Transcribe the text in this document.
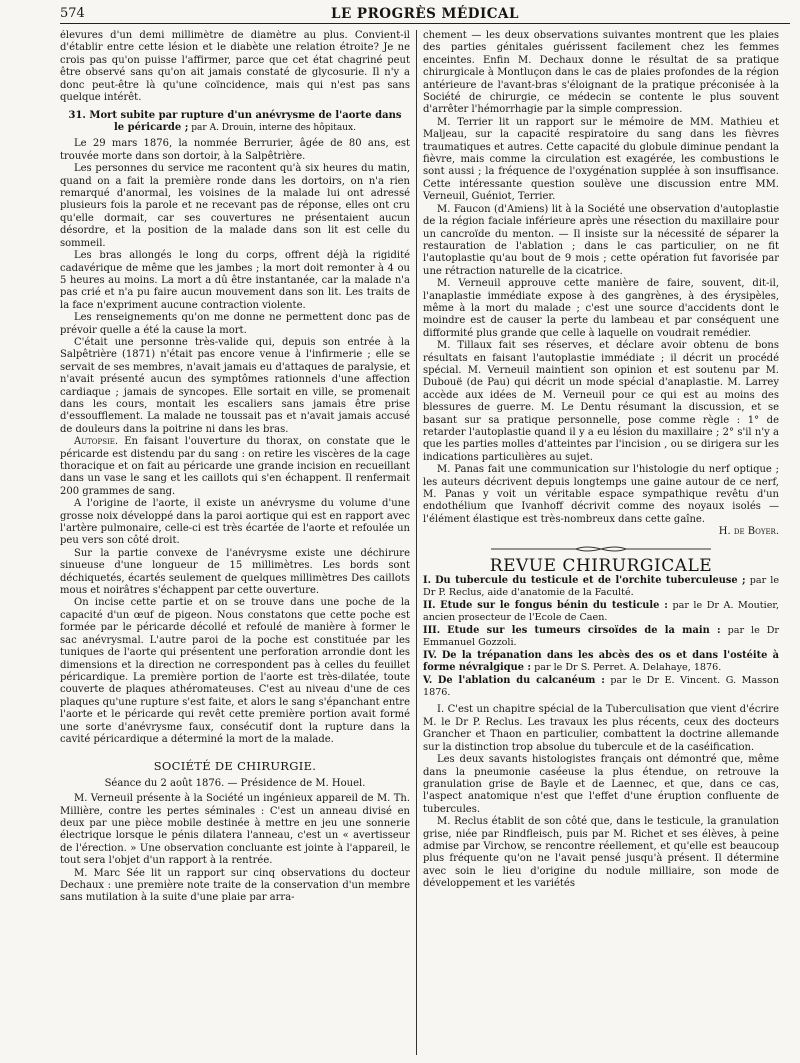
574	LE PROGRÈS MÉDICAL

élevures d'un demi millimètre de diamètre au plus. Convient-il d'établir entre cette lésion et le diabète une relation étroite? Je ne crois pas qu'on puisse l'affirmer, parce que cet état chagriné peut être observé sans qu'on ait jamais constaté de glycosurie. Il n'y a donc peut-être là qu'une coïncidence, mais qui n'est pas sans quelque intérêt.

31. Mort subite par rupture d'un anévrysme de l'aorte dans le péricarde ; par A. Drouin, interne des hôpitaux.

Le 29 mars 1876, la nommée Berrurier, âgée de 80 ans, est trouvée morte dans son dortoir, à la Salpêtrière.

Les personnes du service me racontent qu'à six heures du matin, quand on a fait la première ronde dans les dortoirs, on n'a rien remarqué d'anormal, les voisines de la malade lui ont adressé plusieurs fois la parole et ne recevant pas de réponse, elles ont cru qu'elle dormait, car ses couvertures ne présentaient aucun désordre, et la position de la malade dans son lit est celle du sommeil.

Les bras allongés le long du corps, offrent déjà la rigidité cadavérique de même que les jambes ; la mort doit remonter à 4 ou 5 heures au moins. La mort a dû être instantanée, car la malade n'a pas crié et n'a pu faire aucun mouvement dans son lit. Les traits de la face n'expriment aucune contraction violente.

Les renseignements qu'on me donne ne permettent donc pas de prévoir quelle a été la cause la mort.

C'était une personne très-valide qui, depuis son entrée à la Salpêtrière (1871) n'était pas encore venue à l'infirmerie ; elle se servait de ses membres, n'avait jamais eu d'attaques de paralysie, et n'avait présenté aucun des symptômes rationnels d'une affection cardiaque ; jamais de syncopes. Elle sortait en ville, se promenait dans les cours, montait les escaliers sans jamais être prise d'essoufflement. La malade ne toussait pas et n'avait jamais accusé de douleurs dans la poitrine ni dans les bras.

Autopsie. En faisant l'ouverture du thorax, on constate que le péricarde est distendu par du sang : on retire les viscères de la cage thoracique et on fait au péricarde une grande incision en recueillant dans un vase le sang et les caillots qui s'en échappent. Il renfermait 200 grammes de sang.

A l'origine de l'aorte, il existe un anévrysme du volume d'une grosse noix développé dans la paroi aortique qui est en rapport avec l'artère pulmonaire, celle-ci est très écartée de l'aorte et refoulée un peu vers son côté droit.

Sur la partie convexe de l'anévrysme existe une déchirure sinueuse d'une longueur de 15 millimètres. Les bords sont déchiquetés, écartés seulement de quelques millimètres Des caillots mous et noirâtres s'échappent par cette ouverture.

On incise cette partie et on se trouve dans une poche de la capacité d'un œuf de pigeon. Nous constatons que cette poche est formée par le péricarde décollé et refoulé de manière à former le sac anévrysmal. L'autre paroi de la poche est constituée par les tuniques de l'aorte qui présentent une perforation arrondie dont les dimensions et la direction ne correspondent pas à celles du feuillet péricardique. La première portion de l'aorte est très-dilatée, toute couverte de plaques athéromateuses. C'est au niveau d'une de ces plaques qu'une rupture s'est faite, et alors le sang s'épanchant entre l'aorte et le péricarde qui revêt cette première portion avait formé une sorte d'anévrysme faux, consécutif dont la rupture dans la cavité péricardique a déterminé la mort de la malade.

SOCIÉTÉ DE CHIRURGIE.
Séance du 2 août 1876. — Présidence de M. Houel.

M. Verneuil présente à la Société un ingénieux appareil de M. Th. Millière, contre les pertes séminales : C'est un anneau divisé en deux par une pièce mobile destinée à mettre en jeu une sonnerie électrique lorsque le pénis dilatera l'anneau, c'est un « avertisseur de l'érection. » Une observation concluante est jointe à l'appareil, le tout sera l'objet d'un rapport à la rentrée.

M. Marc Sée lit un rapport sur cinq observations du docteur Dechaux : une première note traite de la conservation d'un membre sans mutilation à la suite d'une plaie par arra-

chement — les deux observations suivantes montrent que les plaies des parties génitales guérissent facilement chez les femmes enceintes. Enfin M. Dechaux donne le résultat de sa pratique chirurgicale à Montluçon dans le cas de plaies profondes de la région antérieure de l'avant-bras s'éloignant de la pratique préconisée à la Société de chirurgie, ce médecin se contente le plus souvent d'arrêter l'hémorrhagie par la simple compression.

M. Terrier lit un rapport sur le mémoire de MM. Mathieu et Maljeau, sur la capacité respiratoire du sang dans les fièvres traumatiques et autres. Cette capacité du globule diminue pendant la fièvre, mais comme la circulation est exagérée, les combustions le sont aussi ; la fréquence de l'oxygénation supplée à son insuffisance. Cette intéressante question soulève une discussion entre MM. Verneuil, Guéniot, Terrier.

M. Faucon (d'Amiens) lit à la Société une observation d'autoplastie de la région faciale inférieure après une résection du maxillaire pour un cancroïde du menton. — Il insiste sur la nécessité de séparer la restauration de l'ablation ; dans le cas particulier, on ne fit l'autoplastie qu'au bout de 9 mois ; cette opération fut favorisée par une rétraction naturelle de la cicatrice.

M. Verneuil approuve cette manière de faire, souvent, dit-il, l'anaplastie immédiate expose à des gangrènes, à des érysipèles, même à la mort du malade ; c'est une source d'accidents dont le moindre est de causer la perte du lambeau et par conséquent une difformité plus grande que celle à laquelle on voudrait remédier.

M. Tillaux fait ses réserves, et déclare avoir obtenu de bons résultats en faisant l'autoplastie immédiate ; il décrit un procédé spécial. M. Verneuil maintient son opinion et est soutenu par M. Dubouë (de Pau) qui décrit un mode spécial d'anaplastie. M. Larrey accède aux idées de M. Verneuil pour ce qui est au moins des blessures de guerre. M. Le Dentu résumant la discussion, et se basant sur sa pratique personnelle, pose comme règle : 1° de retarder l'autoplastie quand il y a eu lésion du maxillaire ; 2° s'il n'y a que les parties molles d'atteintes par l'incision , ou se dirigera sur les indications particulières au sujet.

M. Panas fait une communication sur l'histologie du nerf optique ; les auteurs décrivent depuis longtemps une gaine autour de ce nerf, M. Panas y voit un véritable espace sympathique revêtu d'un endothélium que Ivanhoff décrivit comme des noyaux isolés — l'élément élastique est très-nombreux dans cette gaîne.

H. de Boyer.
REVUE CHIRURGICALE
I. Du tubercule du testicule et de l'orchite tuberculeuse ; par le Dr P. Reclus, aide d'anatomie de la Faculté.
II. Etude sur le fongus bénin du testicule : par le Dr A. Moutier, ancien prosecteur de l'Ecole de Caen.
III. Etude sur les tumeurs cirsoïdes de la main : par le Dr Emmanuel Gozzoli.
IV. De la trépanation dans les abcès des os et dans l'ostéite à forme névralgique : par le Dr S. Perret. A. Delahaye, 1876.
V. De l'ablation du calcanéum : par le Dr E. Vincent. G. Masson 1876.

I. C'est un chapitre spécial de la Tuberculisation que vient d'écrire M. le Dr P. Reclus. Les travaux les plus récents, ceux des docteurs Grancher et Thaon en particulier, combattent la doctrine allemande sur la distinction trop absolue du tubercule et de la caséification.

Les deux savants histologistes français ont démontré que, même dans la pneumonie caséeuse la plus étendue, on retrouve la granulation grise de Bayle et de Laennec, et que, dans ce cas, l'aspect anatomique n'est que l'effet d'une éruption confluente de tubercules.

M. Reclus établit de son côté que, dans le testicule, la granulation grise, niée par Rindfleisch, puis par M. Richet et ses élèves, à peine admise par Virchow, se rencontre réellement, et qu'elle est beaucoup plus fréquente qu'on ne l'avait pensé jusqu'à présent. Il détermine avec soin le lieu d'origine du nodule milliaire, son mode de développement et les variétés
